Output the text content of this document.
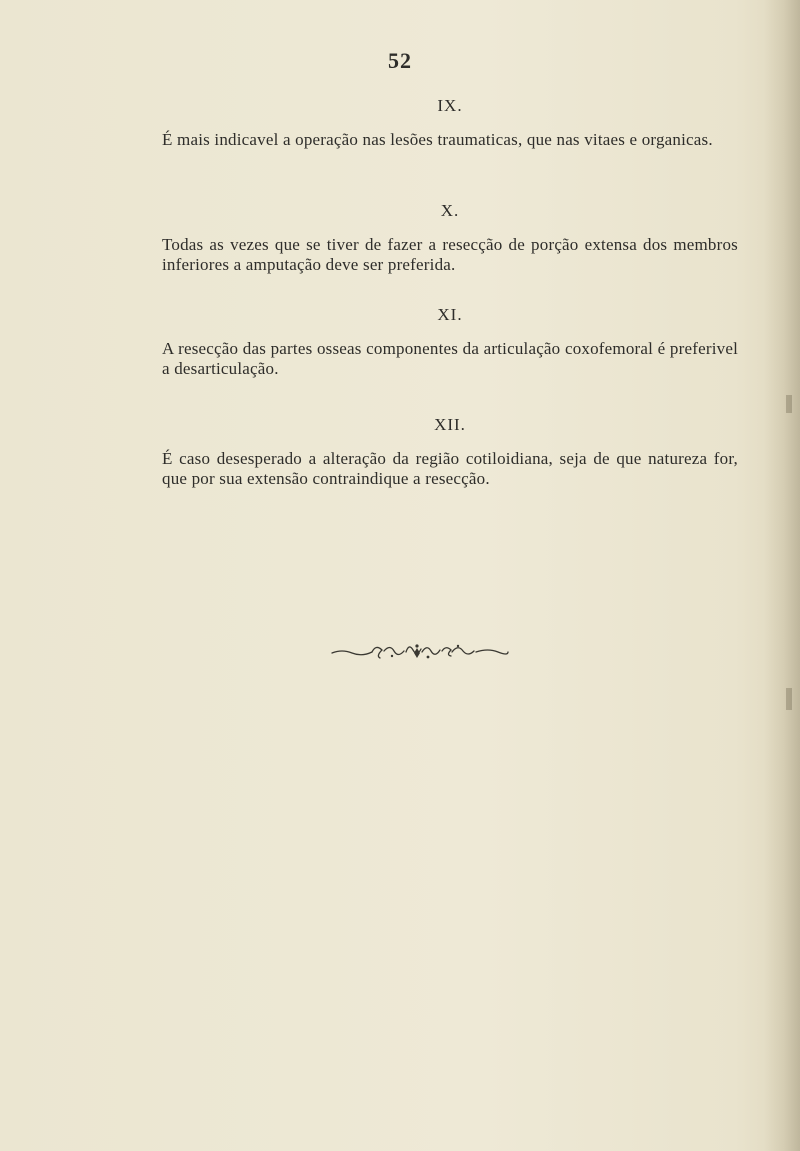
52
IX.

É mais indicavel a operação nas lesões traumaticas, que nas vitaes e organicas.

X.

Todas as vezes que se tiver de fazer a resecção de porção extensa dos membros inferiores a amputação deve ser preferida.

XI.

A resecção das partes osseas componentes da articulação coxofemoral é preferivel a desarticulação.

XII.

É caso desesperado a alteração da região cotiloidiana, seja de que natureza for, que por sua extensão contraindique a resecção.
